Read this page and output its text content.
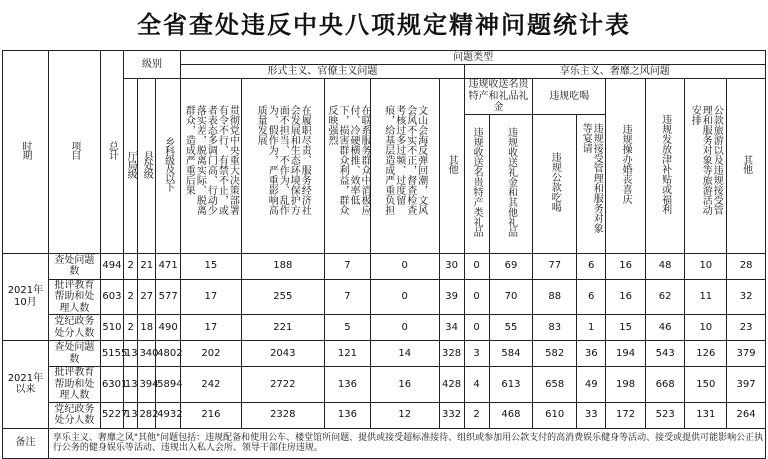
全省查处违反中央八项规定精神问题统计表
时期	项目	总计	级别			问题类型												
						形式主义、官僚主义问题					享乐主义、奢靡之风问题							
			厅局级	县处级	乡科级及以下	贯彻党中央重大决策部署有令不行、有禁不止，或者表态多调门高、行动少落实差，脱离实际、脱离群众，造成严重后果	在履职尽责、服务经济社会发展和生态环境保护方面不担当、不作为、乱作为、假作为，严重影响高质量发展	在联系服务群众中消极应付、冷硬横推、效率低下，损害群众利益，群众反映强烈	文山会海反弹回潮，文风会风不实不正，督查检查考核过多过频、过度留痕，给基层造成严重负担	其他	违规收送名贵特产和礼品礼金		违规吃喝		违规操办婚丧喜庆	违规发放津补贴或福利	公款旅游以及违规接受管理和服务对象等旅游活动安排	其他
											违规收送名贵特产类礼品	违规收送礼金和其他礼品	违规公款吃喝	违规接受管理和服务对象等宴请				
2021年10月	查处问题数	494	2	21	471	15	188	7	0	30	0	69	77	6	16	48	10	28
	批评教育帮助和处理人数	603	2	27	577	17	255	7	0	39	0	70	88	6	16	62	11	32
	党纪政务处分人数	510	2	18	490	17	221	5	0	34	0	55	83	1	15	46	10	23
2021年以来	查处问题数	5155	13	340	4802	202	2043	121	14	328	3	584	582	36	194	543	126	379
	批评教育帮助和处理人数	6301	13	394	5894	242	2722	136	16	428	4	613	658	49	198	668	150	397
	党纪政务处分人数	5227	13	282	4932	216	2328	136	12	332	2	468	610	33	172	523	131	264
备注	享乐主义、奢靡之风"其他"问题包括：违规配备和使用公车、楼堂馆所问题、提供或接受超标准接待、组织或参加用公款支付的高消费娱乐健身等活动、接受或提供可能影响公正执行公务的健身娱乐等活动、违规出入私人会所、领导干部住房违规。																	
